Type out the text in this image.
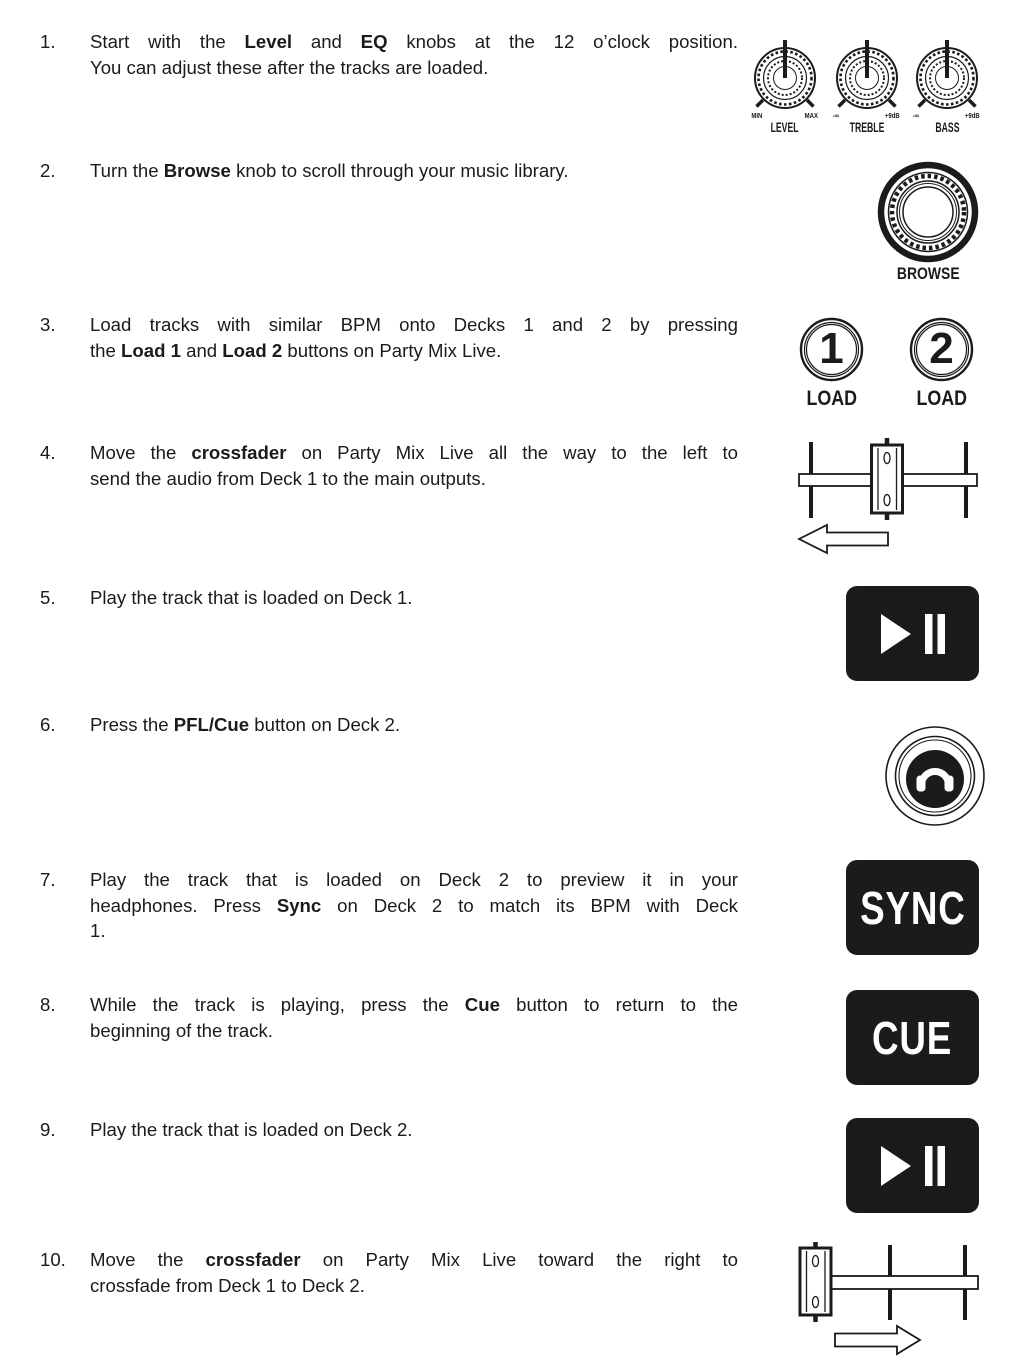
1.	Start with the Level and EQ knobs at the 12 o’clock position.
You can adjust these after the tracks are loaded.
2.	Turn the Browse knob to scroll through your music library.
3.	Load tracks with similar BPM onto Decks 1 and 2 by pressing
the Load 1 and Load 2 buttons on Party Mix Live.
4.	Move the crossfader on Party Mix Live all the way to the left to
send the audio from Deck 1 to the main outputs.
5.	Play the track that is loaded on Deck 1.
6.	Press the PFL/Cue button on Deck 2.
7.	Play the track that is loaded on Deck 2 to preview it in your
headphones. Press Sync on Deck 2 to match its BPM with Deck
1.
8.	While the track is playing, press the Cue button to return to the
beginning of the track.
9.	Play the track that is loaded on Deck 2.
10.	Move the crossfader on Party Mix Live toward the right to
crossfade from Deck 1 to Deck 2.
MIN	MAX
LEVEL
-∞	+9dB
TREBLE
-∞	+9dB
BASS
BROWSE
1
LOAD
2
LOAD
SYNC
CUE
